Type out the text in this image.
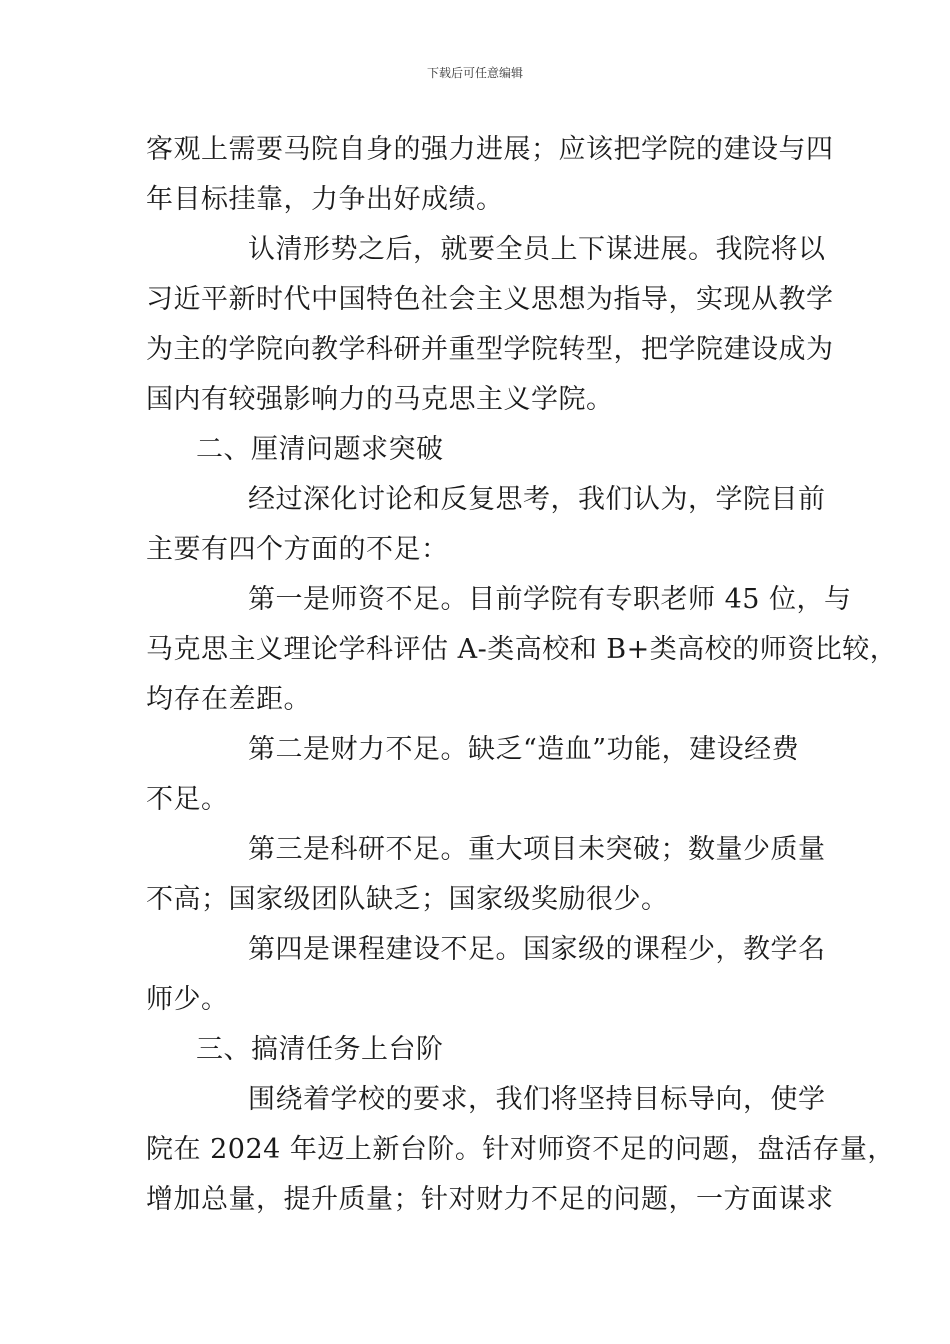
下载后可任意编辑
客观上需要马院自身的强力进展；应该把学院的建设与四
年目标挂靠，力争出好成绩。
认清形势之后，就要全员上下谋进展。我院将以
习近平新时代中国特色社会主义思想为指导，实现从教学
为主的学院向教学科研并重型学院转型，把学院建设成为
国内有较强影响力的马克思主义学院。
二、厘清问题求突破
经过深化讨论和反复思考，我们认为，学院目前
主要有四个方面的不足：
第一是师资不足。目前学院有专职老师 45 位，与
马克思主义理论学科评估 A-类高校和 B+类高校的师资比较，
均存在差距。
第二是财力不足。缺乏“造血”功能，建设经费
不足。
第三是科研不足。重大项目未突破；数量少质量
不高；国家级团队缺乏；国家级奖励很少。
第四是课程建设不足。国家级的课程少，教学名
师少。
三、搞清任务上台阶
围绕着学校的要求，我们将坚持目标导向，使学
院在 2024 年迈上新台阶。针对师资不足的问题，盘活存量，
增加总量，提升质量；针对财力不足的问题，一方面谋求
